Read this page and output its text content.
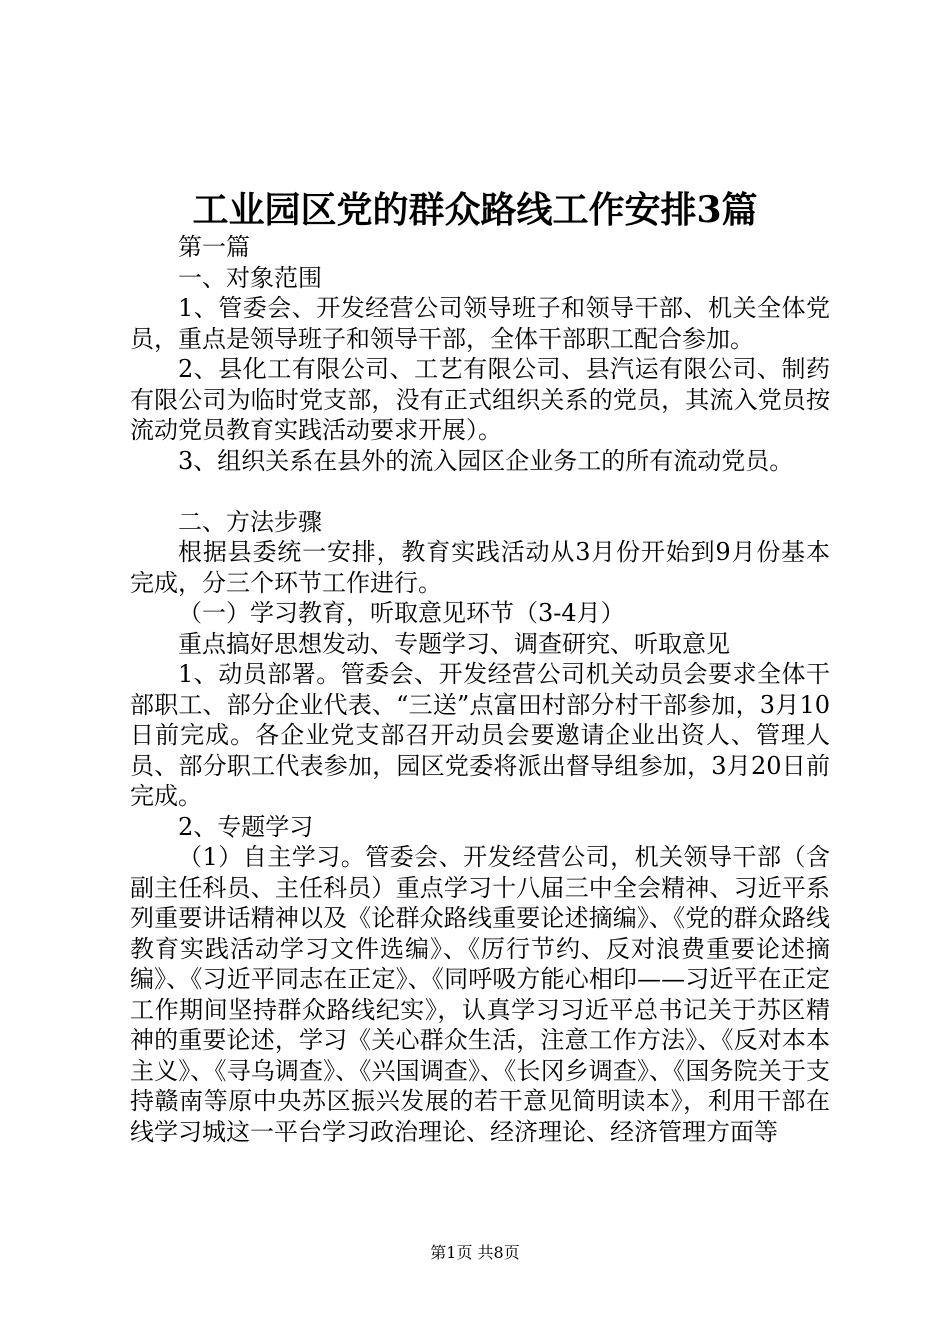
工业园区党的群众路线工作安排3篇

第一篇

一、对象范围

1、管委会、开发经营公司领导班子和领导干部、机关全体党员，重点是领导班子和领导干部，全体干部职工配合参加。

2、县化工有限公司、工艺有限公司、县汽运有限公司、制药有限公司为临时党支部，没有正式组织关系的党员，其流入党员按流动党员教育实践活动要求开展）。

3、组织关系在县外的流入园区企业务工的所有流动党员。

二、方法步骤

根据县委统一安排，教育实践活动从3月份开始到9月份基本完成，分三个环节工作进行。

（一）学习教育，听取意见环节（3-4月）

重点搞好思想发动、专题学习、调查研究、听取意见

1、动员部署。管委会、开发经营公司机关动员会要求全体干部职工、部分企业代表、“三送”点富田村部分村干部参加，3月10日前完成。各企业党支部召开动员会要邀请企业出资人、管理人员、部分职工代表参加，园区党委将派出督导组参加，3月20日前完成。

2、专题学习

（1）自主学习。管委会、开发经营公司，机关领导干部（含副主任科员、主任科员）重点学习十八届三中全会精神、习近平系列重要讲话精神以及《论群众路线重要论述摘编》、《党的群众路线教育实践活动学习文件选编》、《厉行节约、反对浪费重要论述摘编》、《习近平同志在正定》、《同呼吸方能心相印——习近平在正定工作期间坚持群众路线纪实》，认真学习习近平总书记关于苏区精神的重要论述，学习《关心群众生活，注意工作方法》、《反对本本主义》、《寻乌调查》、《兴国调查》、《长冈乡调查》、《国务院关于支持赣南等原中央苏区振兴发展的若干意见简明读本》，利用干部在线学习城这一平台学习政治理论、经济理论、经济管理方面等

第1页 共8页
